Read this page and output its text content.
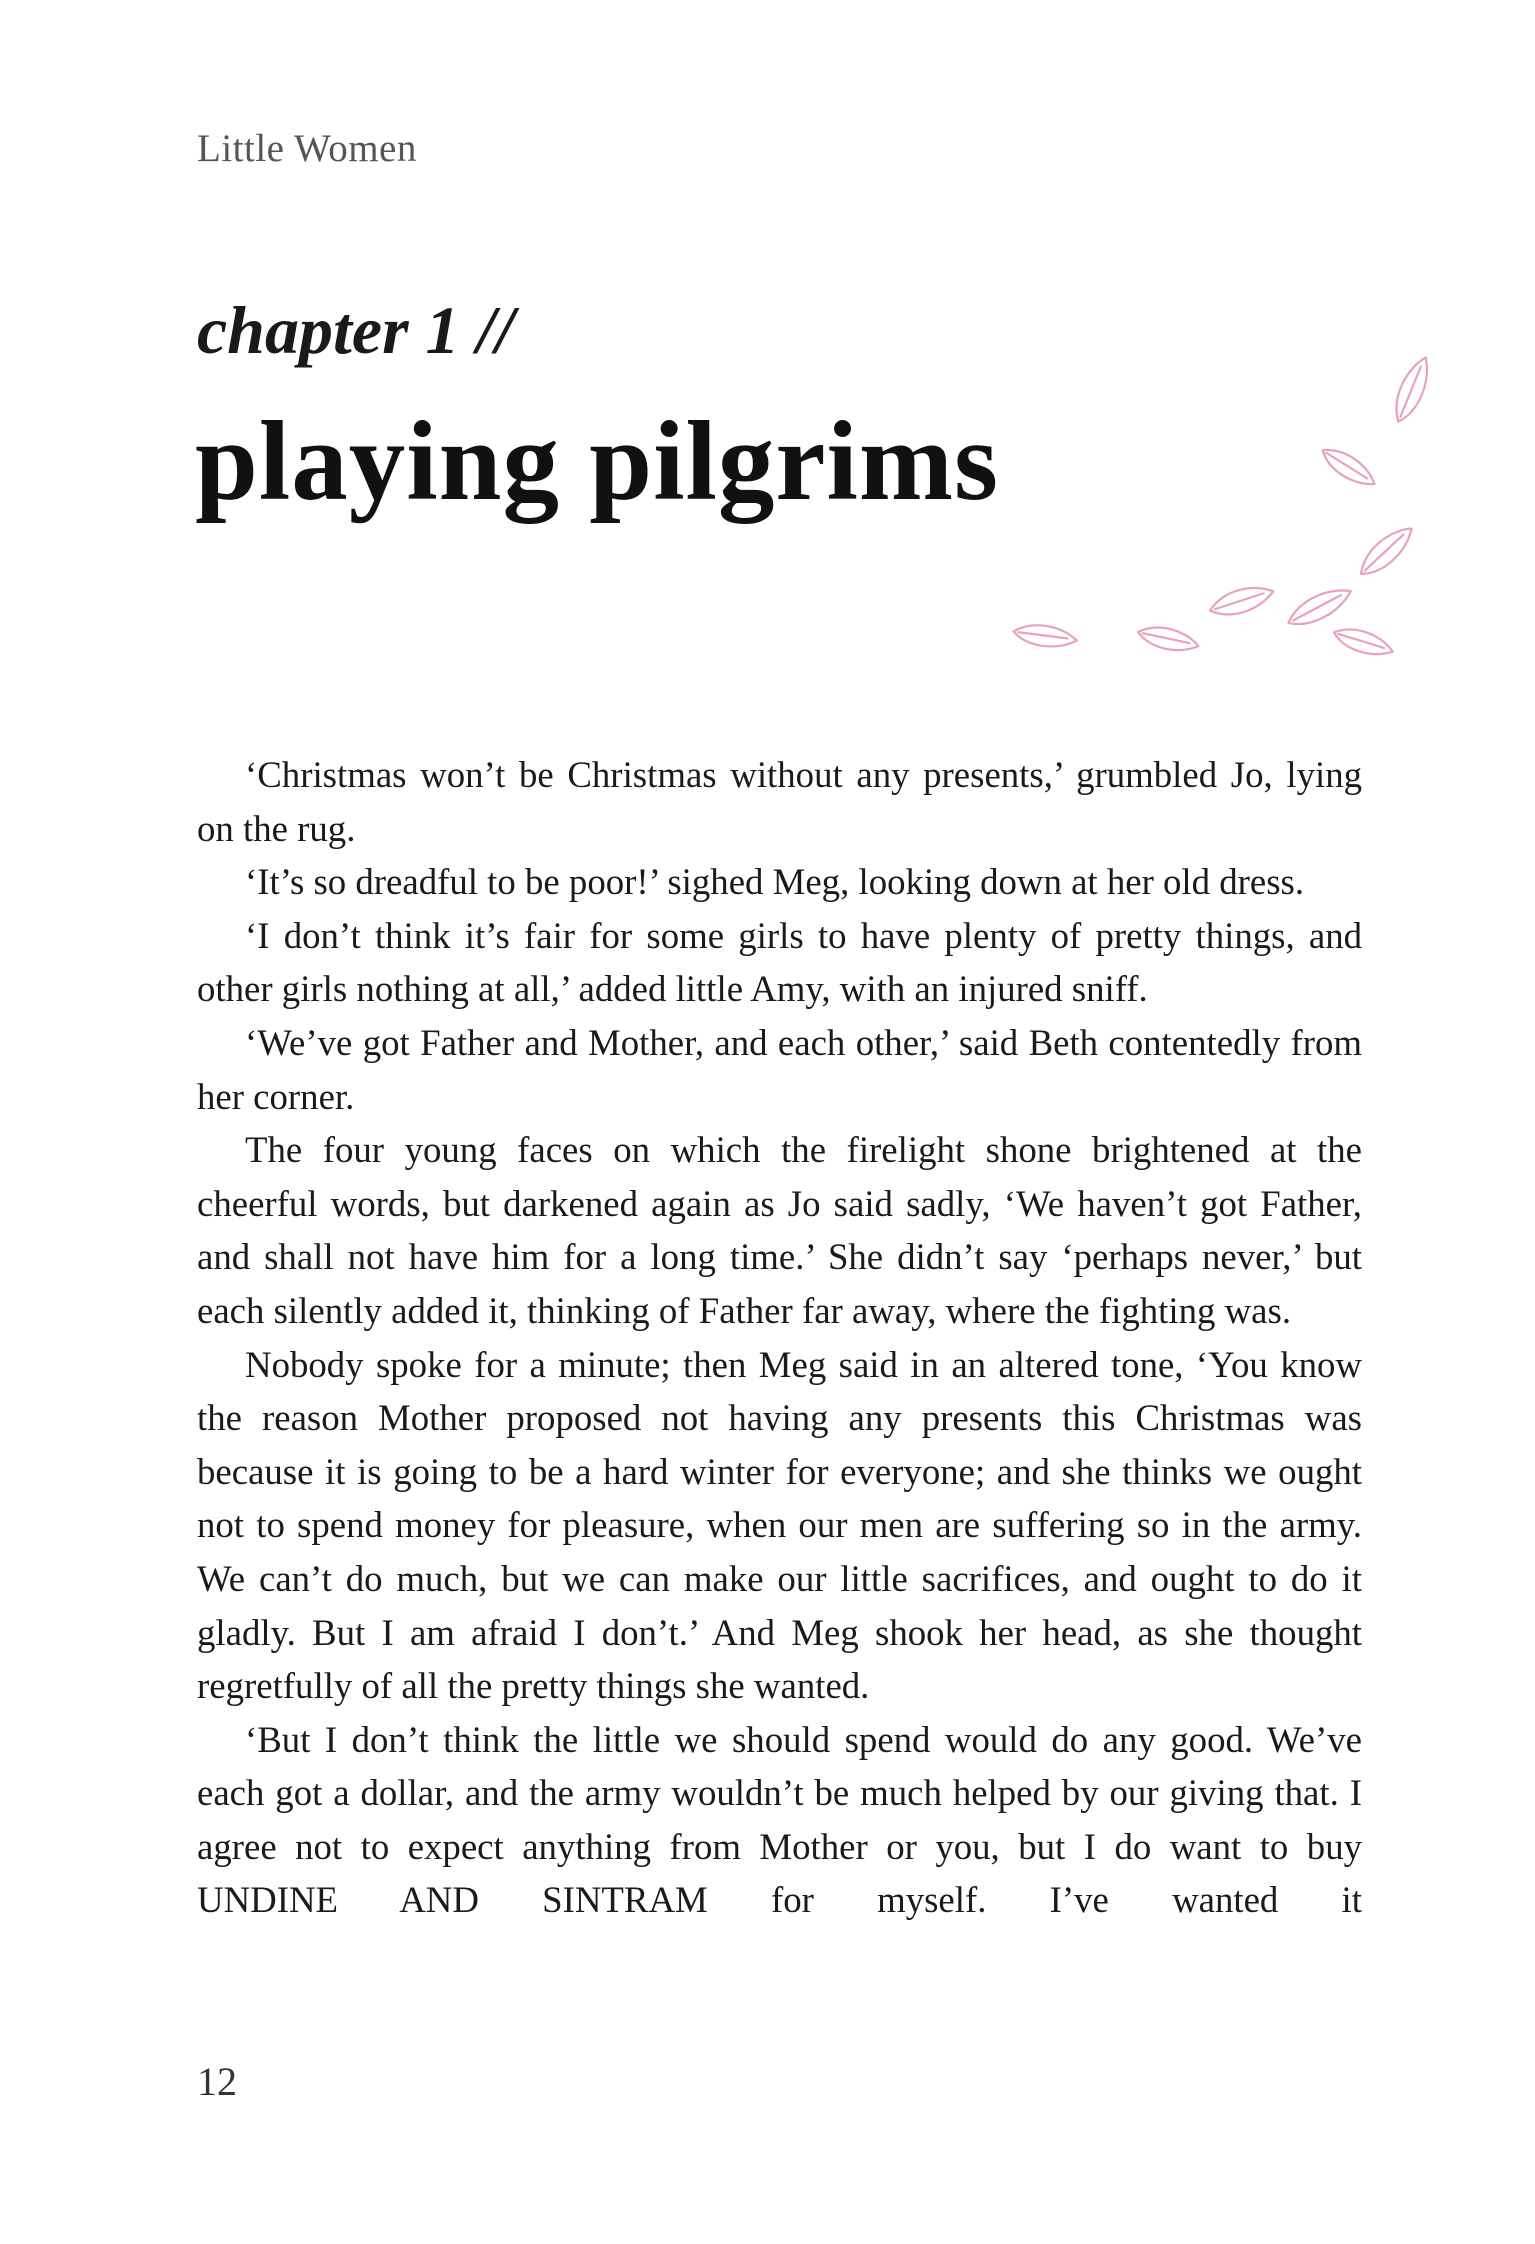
Little Women

chapter 1 //
playing pilgrims

‘Christmas won’t be Christmas without any presents,’ grumbled Jo, lying on the rug.

‘It’s so dreadful to be poor!’ sighed Meg, looking down at her old dress.

‘I don’t think it’s fair for some girls to have plenty of pretty things, and other girls nothing at all,’ added little Amy, with an injured sniff.

‘We’ve got Father and Mother, and each other,’ said Beth contentedly from her corner.

The four young faces on which the firelight shone brightened at the cheerful words, but darkened again as Jo said sadly, ‘We haven’t got Father, and shall not have him for a long time.’ She didn’t say ‘perhaps never,’ but each silently added it, thinking of Father far away, where the fighting was.

Nobody spoke for a minute; then Meg said in an altered tone, ‘You know the reason Mother proposed not having any presents this Christmas was because it is going to be a hard winter for everyone; and she thinks we ought not to spend money for pleasure, when our men are suffering so in the army. We can’t do much, but we can make our little sacrifices, and ought to do it gladly. But I am afraid I don’t.’ And Meg shook her head, as she thought regretfully of all the pretty things she wanted.

‘But I don’t think the little we should spend would do any good. We’ve each got a dollar, and the army wouldn’t be much helped by our giving that. I agree not to expect anything from Mother or you, but I do want to buy UNDINE AND SINTRAM for myself. I’ve wanted it

12
